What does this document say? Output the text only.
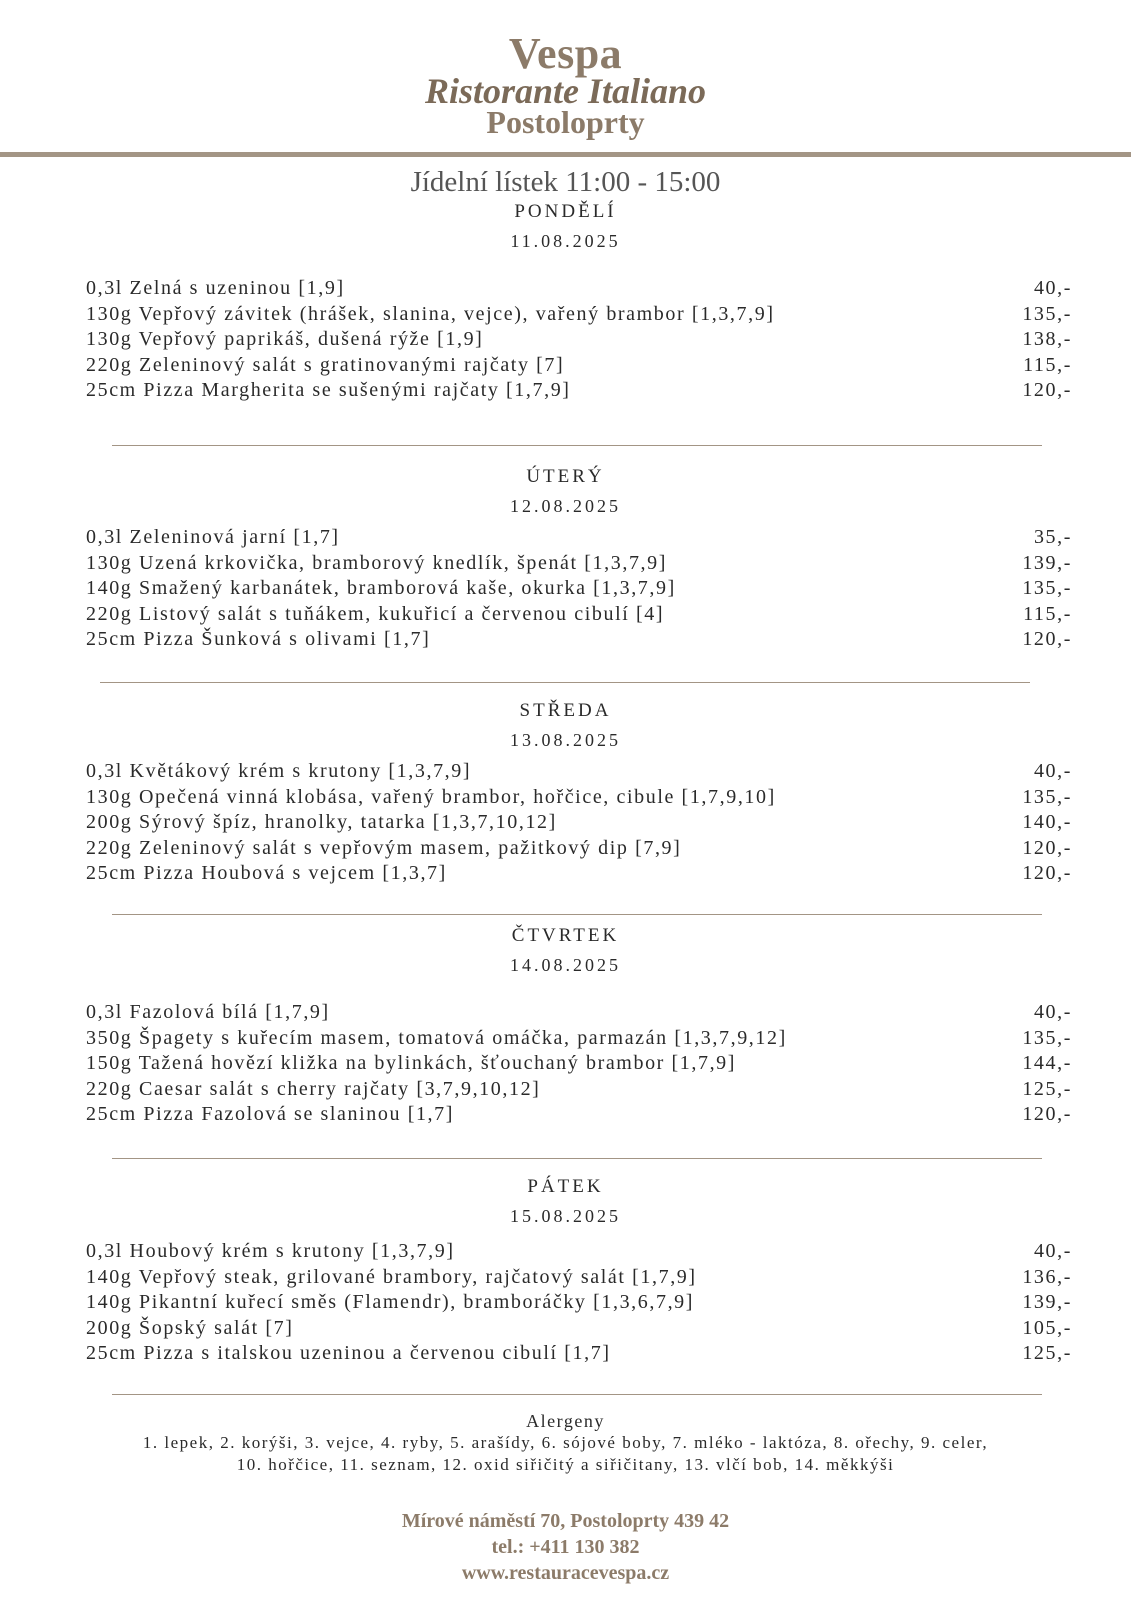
Vespa
Ristorante Italiano
Postoloprty
Jídelní lístek 11:00 - 15:00
PONDĚLÍ
11.08.2025
0,3l Zelná s uzeninou [1,9]	40,-
130g Vepřový závitek (hrášek, slanina, vejce), vařený brambor [1,3,7,9]	135,-
130g Vepřový paprikáš, dušená rýže [1,9]	138,-
220g Zeleninový salát s gratinovanými rajčaty [7]	115,-
25cm Pizza Margherita se sušenými rajčaty [1,7,9]	120,-
ÚTERÝ
12.08.2025
0,3l Zeleninová jarní [1,7]	35,-
130g Uzená krkovička, bramborový knedlík, špenát [1,3,7,9]	139,-
140g Smažený karbanátek, bramborová kaše, okurka [1,3,7,9]	135,-
220g Listový salát s tuňákem, kukuřicí a červenou cibulí [4]	115,-
25cm Pizza Šunková s olivami [1,7]	120,-
STŘEDA
13.08.2025
0,3l Květákový krém s krutony [1,3,7,9]	40,-
130g Opečená vinná klobása, vařený brambor, hořčice, cibule [1,7,9,10]	135,-
200g Sýrový špíz, hranolky, tatarka [1,3,7,10,12]	140,-
220g Zeleninový salát s vepřovým masem, pažitkový dip [7,9]	120,-
25cm Pizza Houbová s vejcem [1,3,7]	120,-
ČTVRTEK
14.08.2025
0,3l Fazolová bílá [1,7,9]	40,-
350g Špagety s kuřecím masem, tomatová omáčka, parmazán [1,3,7,9,12]	135,-
150g Tažená hovězí kližka na bylinkách, šťouchaný brambor [1,7,9]	144,-
220g Caesar salát s cherry rajčaty [3,7,9,10,12]	125,-
25cm Pizza Fazolová se slaninou [1,7]	120,-
PÁTEK
15.08.2025
0,3l Houbový krém s krutony [1,3,7,9]	40,-
140g Vepřový steak, grilované brambory, rajčatový salát [1,7,9]	136,-
140g Pikantní kuřecí směs (Flamendr), bramboráčky [1,3,6,7,9]	139,-
200g Šopský salát [7]	105,-
25cm Pizza s italskou uzeninou a červenou cibulí [1,7]	125,-
Alergeny
1. lepek, 2. korýši, 3. vejce, 4. ryby, 5. arašídy, 6. sójové boby, 7. mléko - laktóza, 8. ořechy, 9. celer,
10. hořčice, 11. seznam, 12. oxid siřičitý a siřičitany, 13. vlčí bob, 14. měkkýši
Mírové náměstí 70, Postoloprty 439 42
tel.: +411 130 382
www.restauracevespa.cz
